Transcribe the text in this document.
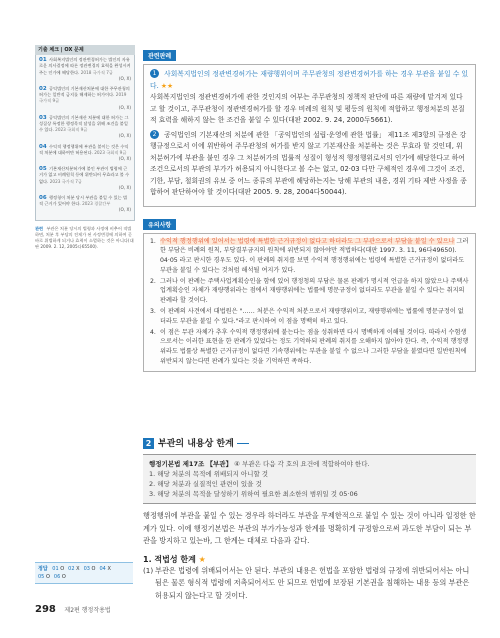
기출 체크 | OX 문제
01 사회복지법인의 정관변경허가는 법인의 자유로운 의사결정에 따른 정관변경의 효력을 완성시켜 주는 인가에 해당한다. 2018 국가직 7급
(O, X)
02 공익법인의 기본재산처분에 대한 주무관청의 허가는 일반적 금지를 해제하는 허가이다. 2019 국가직 9급
(O, X)
03 공익법인의 기본재산 처분에 대한 허가는 그 성질상 특정한 행정목적 달성을 위해 조건을 붙일 수 있다. 2023 국회직 9급
(O, X)
04 수익적 행정행위에 부관을 붙이는 것은 수익적 처분에 대하여만 허용된다. 2023 국회직 9급
(O, X)
05 기본재산처분허가에 붙인 부관이 법령에 근거가 없고 비례원칙 등에 위반되어 무효라고 볼 수 없다. 2023 국가직 7급
(O, X)
06 행정청이 처분 당시 부관을 붙일 수 있는 법적 근거가 있어야 한다. 2023 경찰간부
(O, X)
관련 부관은 처분 당시의 법령과 사정에 비추어 적법하면, 처분 후 부담의 전제가 된 사정변경에 의하여 곧바로 위법하게 되거나 효력이 소멸하는 것은 아니다(대판 2009. 2. 12, 2005다65500).
정답 01 O 02 X 03 O 04 X05 O 06 O
관련판례
1 사회복지법인의 정관변경허가는 재량행위이며 주무관청의 정관변경허가를 하는 경우 부관을 붙일 수 있다. ★★
사회복지법인의 정관변경허가에 관한 것인지의 여부는 주무관청의 정책적 판단에 따른 재량에 맡겨져 있다고 할 것이고, 주무관청이 정관변경허가를 할 경우 비례의 원칙 및 평등의 원칙에 적합하고 행정처분의 본질적 효력을 해하지 않는 한 조건을 붙일 수 있다(대판 2002. 9. 24, 2000두5661).
2 공익법인의 기본재산의 처분에 관한 「공익법인의 설립·운영에 관한 법률」 제11조 제3항의 규정은 강행규정으로서 이에 위반하여 주무관청의 허가를 받지 않고 기본재산을 처분하는 것은 무효라 할 것인데, 위 처분허가에 부관을 붙인 경우 그 처분허가의 법률적 성질이 형성적 행정행위로서의 인가에 해당한다고 하여 조건으로서의 부관의 부가가 허용되지 아니한다고 볼 수는 없고, 02·03 다만 구체적인 경우에 그것이 조건, 기한, 부담, 철회권의 유보 중 어느 종류의 부관에 해당하는지는 당해 부관의 내용, 경위 기타 제반 사정을 종합하여 판단하여야 할 것이다(대판 2005. 9. 28, 2004다50044).
유의사항
1. 수익적 행정행위에 있어서는 법령에 특별한 근거규정이 없다고 하더라도 그 부관으로서 부담을 붙일 수 있으나 그러한 부담은 비례의 원칙, 부당결부금지의 원칙에 위반되지 않아야만 적법하다(대판 1997. 3. 11, 96다49650). 04·05 라고 판시한 경우도 있다. 이 판례의 취지를 보면 수익적 행정행위에는 법령에 특별한 근거규정이 없더라도 부관을 붙일 수 있다는 것처럼 해석될 여지가 있다.
2. 그러나 이 판례는 주택사업계획승인을 함에 있어 행정청의 부담은 물론 판례가 명시적 언급을 하지 않았으나 주택사업계획승인 자체가 재량행위라는 점에서 재량행위에는 법률에 명문규정이 없더라도 부관을 붙일 수 있다는 취지의 판례라 할 것이다.
3. 이 판례의 사견에서 대법원은 "…… 처분은 수익적 처분으로서 재량행위이고, 재량행위에는 법률에 명문규정이 없더라도 부관을 붙일 수 있다."라고 판시하여 이 점을 명백히 하고 있다.
4. 이 점은 무관 자체가 추후 수익적 행정행위에 붙는다는 점을 성취하면 다시 명백하게 이해될 것이다. 따라서 수험생으로서는 이러한 표현을 한 판례가 있었다는 정도 기억하되 판례의 취지를 오해하지 않아야 한다. 즉, 수익적 행정행위라도 법률상 특별한 근거규정이 없다면 기속행위에는 부관을 붙일 수 없으나 그러한 부담을 붙였다면 일반원칙에 위반되지 않는다면 판례가 있다는 것을 기억하면 족하다.
2 부관의 내용상 한계
행정기본법 제17조 【부관】 ④ 부관은 다음 각 호의 요건에 적합하여야 한다.
1. 해당 처분의 목적에 위배되지 아니할 것
2. 해당 처분과 실질적인 관련이 있을 것
3. 해당 처분의 목적을 달성하기 위하여 필요한 최소한의 범위일 것 05·06
행정행위에 부관을 붙일 수 있는 경우라 하더라도 부관을 무제한적으로 붙일 수 있는 것이 아니라 일정한 한계가 있다. 이에 행정기본법은 부관의 부가가능성과 한계를 명확히게 규정함으로써 과도한 부담이 되는 부관을 방지하고 있는바, 그 한계는 대체로 다음과 같다.
1. 적법성 한계 ★
(1) 부관은 법령에 위배되어서는 안 된다. 부관의 내용은 헌법을 포함한 법령의 규정에 위반되어서는 아니 됨은 물론 형식적 법령에 저촉되어서도 안 되므로 헌법에 보장된 기본권을 침해하는 내용 등의 부관은 허용되지 않는다고 할 것이다.
298 제2편 행정작용법
